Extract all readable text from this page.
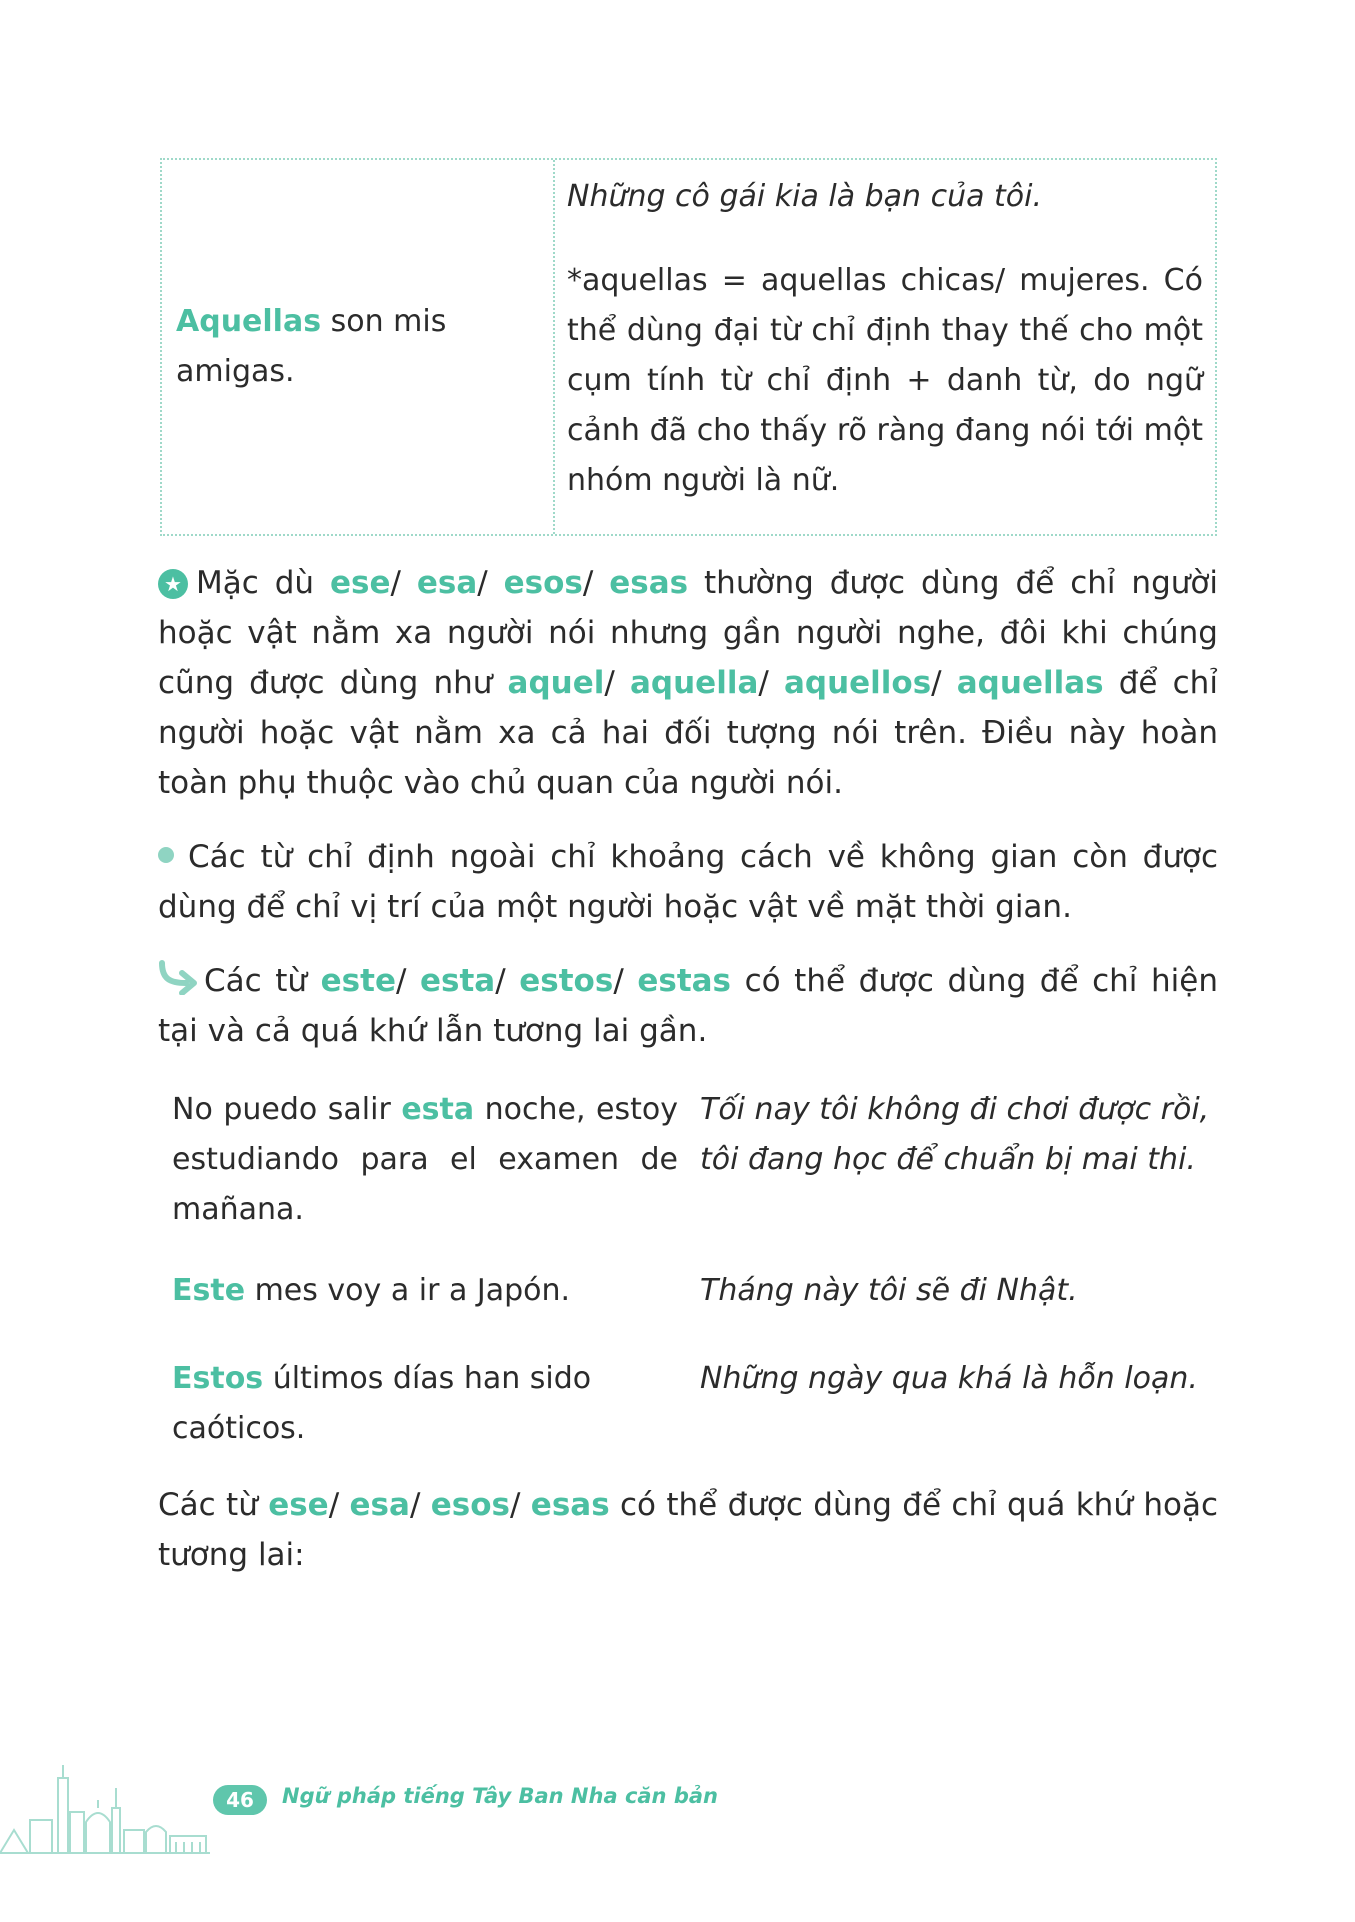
Aquellas son mis
amigas.

Những cô gái kia là bạn của tôi.

*aquellas = aquellas chicas/ mujeres. Có thể dùng đại từ chỉ định thay thế cho một cụm tính từ chỉ định + danh từ, do ngữ cảnh đã cho thấy rõ ràng đang nói tới một nhóm người là nữ.

★ Mặc dù ese/ esa/ esos/ esas thường được dùng để chỉ người hoặc vật nằm xa người nói nhưng gần người nghe, đôi khi chúng cũng được dùng như aquel/ aquella/ aquellos/ aquellas để chỉ người hoặc vật nằm xa cả hai đối tượng nói trên. Điều này hoàn toàn phụ thuộc vào chủ quan của người nói.

Các từ chỉ định ngoài chỉ khoảng cách về không gian còn được dùng để chỉ vị trí của một người hoặc vật về mặt thời gian.

Các từ este/ esta/ estos/ estas có thể được dùng để chỉ hiện tại và cả quá khứ lẫn tương lai gần.

No puedo salir esta noche, estoy
estudiando para el examen de
mañana.
Tối nay tôi không đi chơi được rồi,
tôi đang học để chuẩn bị mai thi.
Este mes voy a ir a Japón.	Tháng này tôi sẽ đi Nhật.
Estos últimos días han sido
caóticos.
Những ngày qua khá là hỗn loạn.

Các từ ese/ esa/ esos/ esas có thể được dùng để chỉ quá khứ hoặc tương lai:

46	Ngữ pháp tiếng Tây Ban Nha căn bản
